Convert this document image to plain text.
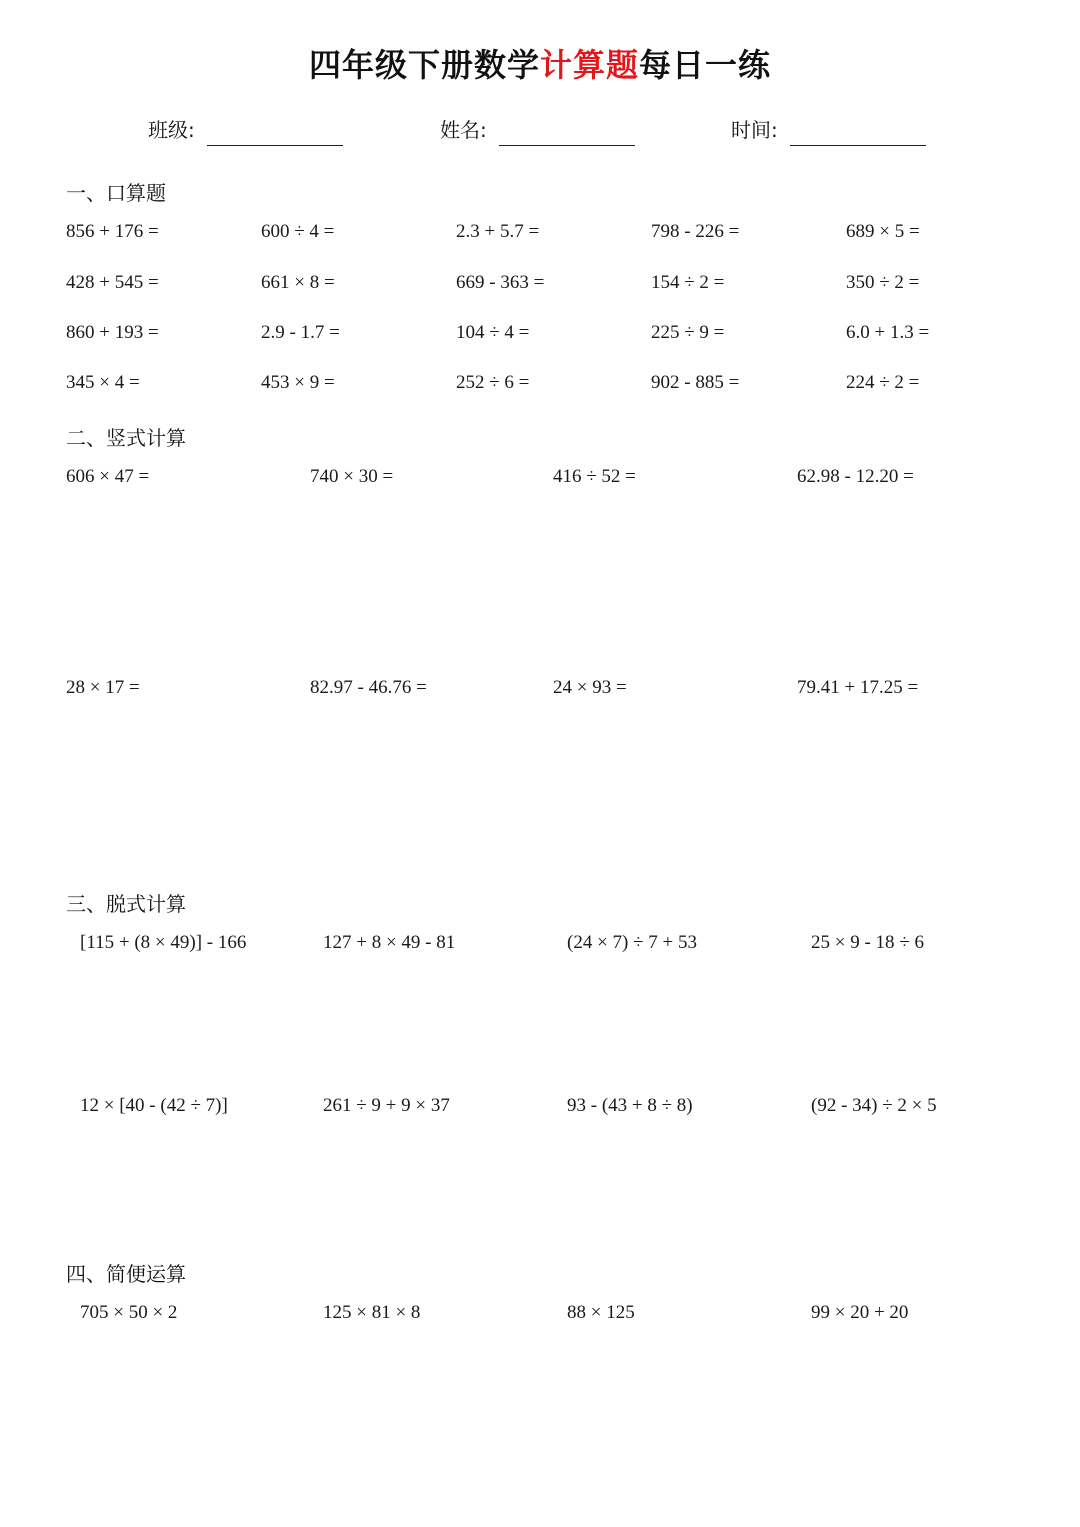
四年级下册数学计算题每日一练
班级:	姓名:	时间:
一、口算题
856 + 176 =	600 ÷ 4 =	2.3 + 5.7 =	798 - 226 =	689 × 5 =
428 + 545 =	661 × 8 =	669 - 363 =	154 ÷ 2 =	350 ÷ 2 =
860 + 193 =	2.9 - 1.7 =	104 ÷ 4 =	225 ÷ 9 =	6.0 + 1.3 =
345 × 4 =	453 × 9 =	252 ÷ 6 =	902 - 885 =	224 ÷ 2 =
二、竖式计算
606 × 47 =	740 × 30 =	416 ÷ 52 =	62.98 - 12.20 =
28 × 17 =	82.97 - 46.76 =	24 × 93 =	79.41 + 17.25 =
三、脱式计算
[115 + (8 × 49)] - 166	127 + 8 × 49 - 81	(24 × 7) ÷ 7 + 53	25 × 9 - 18 ÷ 6
12 × [40 - (42 ÷ 7)]	261 ÷ 9 + 9 × 37	93 - (43 + 8 ÷ 8)	(92 - 34) ÷ 2 × 5
四、简便运算
705 × 50 × 2	125 × 81 × 8	88 × 125	99 × 20 + 20
